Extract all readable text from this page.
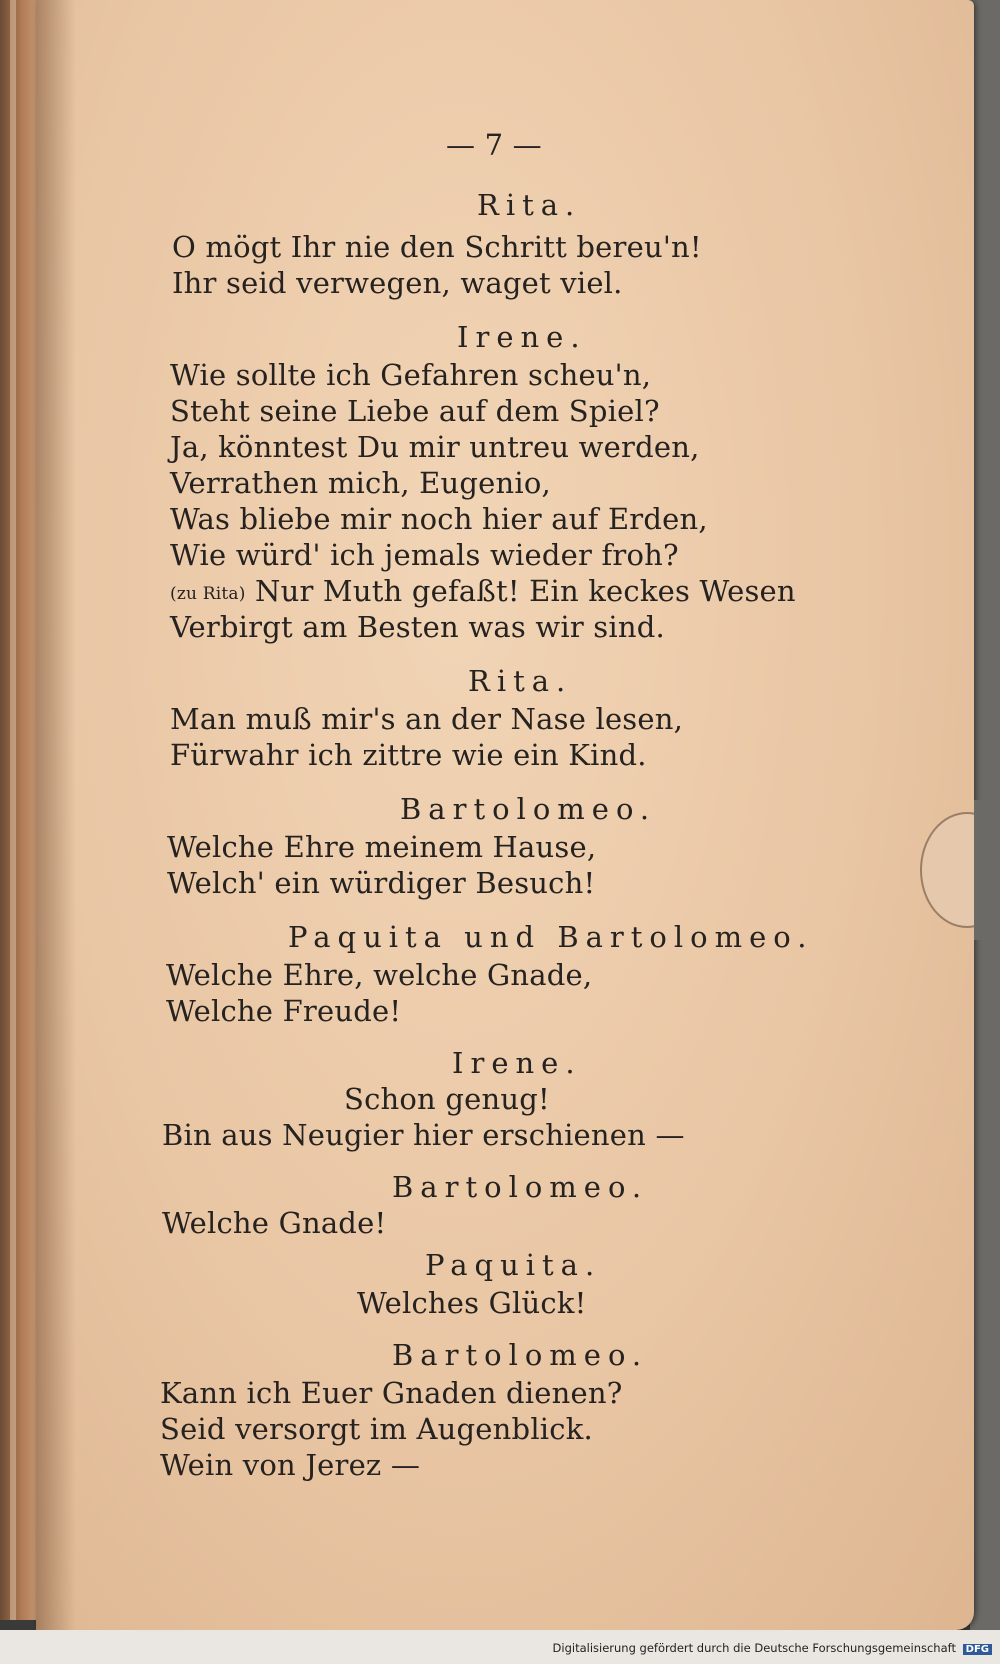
— 7 —
Rita.
O mögt Ihr nie den Schritt bereu'n!
Ihr seid verwegen, waget viel.
Irene.
Wie sollte ich Gefahren scheu'n,
Steht seine Liebe auf dem Spiel?
Ja, könntest Du mir untreu werden,
Verrathen mich, Eugenio,
Was bliebe mir noch hier auf Erden,
Wie würd' ich jemals wieder froh?
(zu Rita) Nur Muth gefaßt! Ein keckes Wesen
Verbirgt am Besten was wir sind.
Rita.
Man muß mir's an der Nase lesen,
Fürwahr ich zittre wie ein Kind.
Bartolomeo.
Welche Ehre meinem Hause,
Welch' ein würdiger Besuch!
Paquita und Bartolomeo.
Welche Ehre, welche Gnade,
Welche Freude!
Irene.
Schon genug!
Bin aus Neugier hier erschienen —
Bartolomeo.
Welche Gnade!
Paquita.
Welches Glück!
Bartolomeo.
Kann ich Euer Gnaden dienen?
Seid versorgt im Augenblick.
Wein von Jerez —
Digitalisierung gefördert durch die Deutsche Forschungsgemeinschaft DFG
